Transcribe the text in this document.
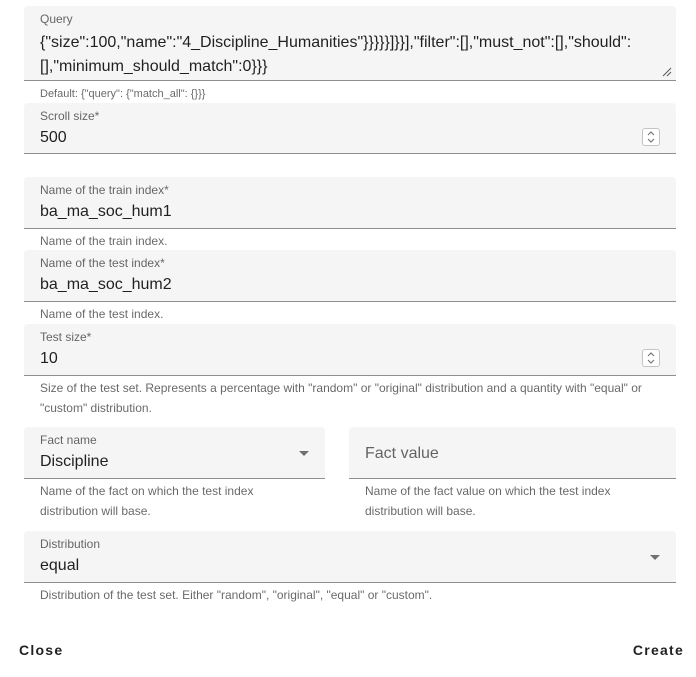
Query
{"size":100,"name":"4_Discipline_Humanities"}}}}}]}}],"filter":[],"must_not":[],"should":[],"minimum_should_match":0}}}
Default: {"query": {"match_all": {}}}
Scroll size*
500
Name of the train index*
ba_ma_soc_hum1
Name of the train index.
Name of the test index*
ba_ma_soc_hum2
Name of the test index.
Test size*
10
Size of the test set. Represents a percentage with "random" or "original" distribution and a quantity with "equal" or "custom" distribution.
Fact name
Discipline
Name of the fact on which the test index distribution will base.
Fact value
Name of the fact value on which the test index distribution will base.
Distribution
equal
Distribution of the test set. Either "random", "original", "equal" or "custom".
Close	Create
